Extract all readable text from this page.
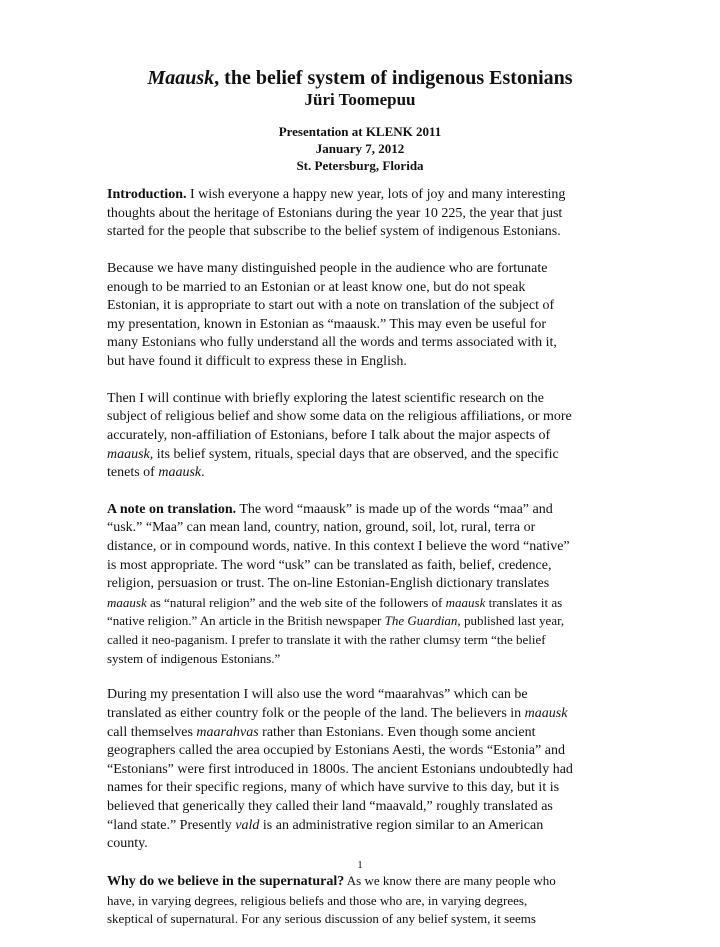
Maausk, the belief system of indigenous Estonians
Jüri Toomepuu
Presentation at KLENK 2011
January 7, 2012
St. Petersburg, Florida
Introduction. I wish everyone a happy new year, lots of joy and many interesting
thoughts about the heritage of Estonians during the year 10 225, the year that just
started for the people that subscribe to the belief system of indigenous Estonians.
Because we have many distinguished people in the audience who are fortunate
enough to be married to an Estonian or at least know one, but do not speak
Estonian, it is appropriate to start out with a note on translation of the subject of
my presentation, known in Estonian as “maausk.” This may even be useful for
many Estonians who fully understand all the words and terms associated with it,
but have found it difficult to express these in English.
Then I will continue with briefly exploring the latest scientific research on the
subject of religious belief and show some data on the religious affiliations, or more
accurately, non-affiliation of Estonians, before I talk about the major aspects of
maausk, its belief system, rituals, special days that are observed, and the specific
tenets of maausk.
A note on translation. The word “maausk” is made up of the words “maa” and
“usk.” “Maa” can mean land, country, nation, ground, soil, lot, rural, terra or
distance, or in compound words, native. In this context I believe the word “native”
is most appropriate. The word “usk” can be translated as faith, belief, credence,
religion, persuasion or trust. The on-line Estonian-English dictionary translates
maausk as “natural religion” and the web site of the followers of maausk translates it as
“native religion.” An article in the British newspaper The Guardian, published last year,
called it neo-paganism. I prefer to translate it with the rather clumsy term “the belief
system of indigenous Estonians.”
During my presentation I will also use the word “maarahvas” which can be
translated as either country folk or the people of the land. The believers in maausk
call themselves maarahvas rather than Estonians. Even though some ancient
geographers called the area occupied by Estonians Aesti, the words “Estonia” and
“Estonians” were first introduced in 1800s. The ancient Estonians undoubtedly had
names for their specific regions, many of which have survive to this day, but it is
believed that generically they called their land “maavald,” roughly translated as
“land state.” Presently vald is an administrative region similar to an American
county.
Why do we believe in the supernatural? As we know there are many people who
have, in varying degrees, religious beliefs and those who are, in varying degrees,
skeptical of supernatural. For any serious discussion of any belief system, it seems
1
